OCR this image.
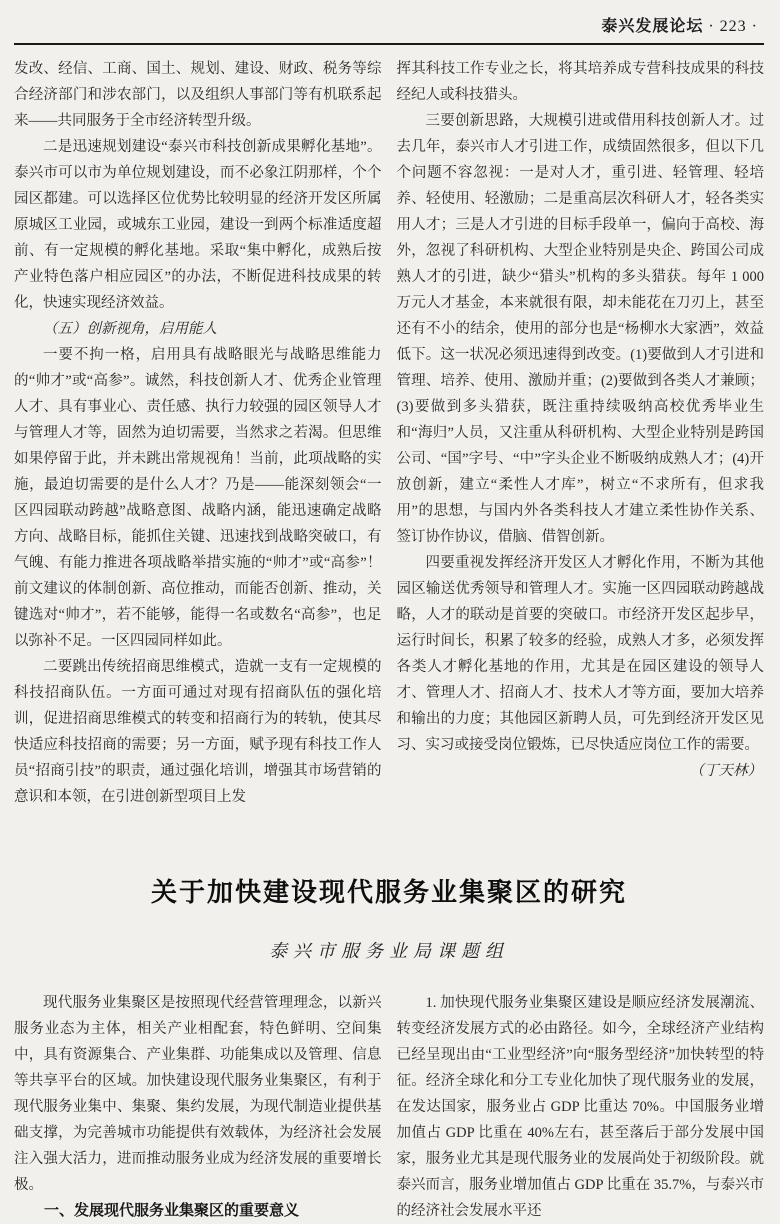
泰兴发展论坛 · 223 ·

发改、经信、工商、国土、规划、建设、财政、税务等综合经济部门和涉农部门，以及组织人事部门等有机联系起来——共同服务于全市经济转型升级。

二是迅速规划建设“泰兴市科技创新成果孵化基地”。泰兴市可以市为单位规划建设，而不必象江阴那样，个个园区都建。可以选择区位优势比较明显的经济开发区所属原城区工业园，或城东工业园，建设一到两个标准适度超前、有一定规模的孵化基地。采取“集中孵化，成熟后按产业特色落户相应园区”的办法，不断促进科技成果的转化，快速实现经济效益。

（五）创新视角，启用能人

一要不拘一格，启用具有战略眼光与战略思维能力的“帅才”或“高参”。诚然，科技创新人才、优秀企业管理人才、具有事业心、责任感、执行力较强的园区领导人才与管理人才等，固然为迫切需要，当然求之若渴。但思维如果停留于此，并未跳出常规视角！当前，此项战略的实施，最迫切需要的是什么人才？乃是——能深刻领会“一区四园联动跨越”战略意图、战略内涵，能迅速确定战略方向、战略目标，能抓住关键、迅速找到战略突破口，有气魄、有能力推进各项战略举措实施的“帅才”或“高参”！前文建议的体制创新、高位推动，而能否创新、推动，关键选对“帅才”，若不能够，能得一名或数名“高参”，也足以弥补不足。一区四园同样如此。

二要跳出传统招商思维模式，造就一支有一定规模的科技招商队伍。一方面可通过对现有招商队伍的强化培训，促进招商思维模式的转变和招商行为的转轨，使其尽快适应科技招商的需要；另一方面，赋予现有科技工作人员“招商引技”的职责，通过强化培训，增强其市场营销的意识和本领，在引进创新型项目上发

挥其科技工作专业之长，将其培养成专营科技成果的科技经纪人或科技猎头。

三要创新思路，大规模引进或借用科技创新人才。过去几年，泰兴市人才引进工作，成绩固然很多，但以下几个问题不容忽视：一是对人才，重引进、轻管理、轻培养、轻使用、轻激励；二是重高层次科研人才，轻各类实用人才；三是人才引进的目标手段单一，偏向于高校、海外，忽视了科研机构、大型企业特别是央企、跨国公司成熟人才的引进，缺少“猎头”机构的多头猎获。每年 1 000 万元人才基金，本来就很有限，却未能花在刀刃上，甚至还有不小的结余，使用的部分也是“杨柳水大家洒”，效益低下。这一状况必须迅速得到改变。(1)要做到人才引进和管理、培养、使用、激励并重；(2)要做到各类人才兼顾；(3)要做到多头猎获，既注重持续吸纳高校优秀毕业生和“海归”人员，又注重从科研机构、大型企业特别是跨国公司、“国”字号、“中”字头企业不断吸纳成熟人才；(4)开放创新，建立“柔性人才库”，树立“不求所有，但求我用”的思想，与国内外各类科技人才建立柔性协作关系、签订协作协议，借脑、借智创新。

四要重视发挥经济开发区人才孵化作用，不断为其他园区输送优秀领导和管理人才。实施一区四园联动跨越战略，人才的联动是首要的突破口。市经济开发区起步早，运行时间长，积累了较多的经验，成熟人才多，必须发挥各类人才孵化基地的作用，尤其是在园区建设的领导人才、管理人才、招商人才、技术人才等方面，要加大培养和输出的力度；其他园区新聘人员，可先到经济开发区见习、实习或接受岗位锻炼，已尽快适应岗位工作的需要。
（丁天林）

关于加快建设现代服务业集聚区的研究
泰兴市服务业局课题组

现代服务业集聚区是按照现代经营管理理念，以新兴服务业态为主体，相关产业相配套，特色鲜明、空间集中，具有资源集合、产业集群、功能集成以及管理、信息等共享平台的区域。加快建设现代服务业集聚区，有利于现代服务业集中、集聚、集约发展，为现代制造业提供基础支撑，为完善城市功能提供有效载体，为经济社会发展注入强大活力，进而推动服务业成为经济发展的重要增长极。

一、发展现代服务业集聚区的重要意义

1. 加快现代服务业集聚区建设是顺应经济发展潮流、转变经济发展方式的必由路径。如今，全球经济产业结构已经呈现出由“工业型经济”向“服务型经济”加快转型的特征。经济全球化和分工专业化加快了现代服务业的发展，在发达国家，服务业占 GDP 比重达 70%。中国服务业增加值占 GDP 比重在 40%左右，甚至落后于部分发展中国家，服务业尤其是现代服务业的发展尚处于初级阶段。就泰兴而言，服务业增加值占 GDP 比重在 35.7%，与泰兴市的经济社会发展水平还
